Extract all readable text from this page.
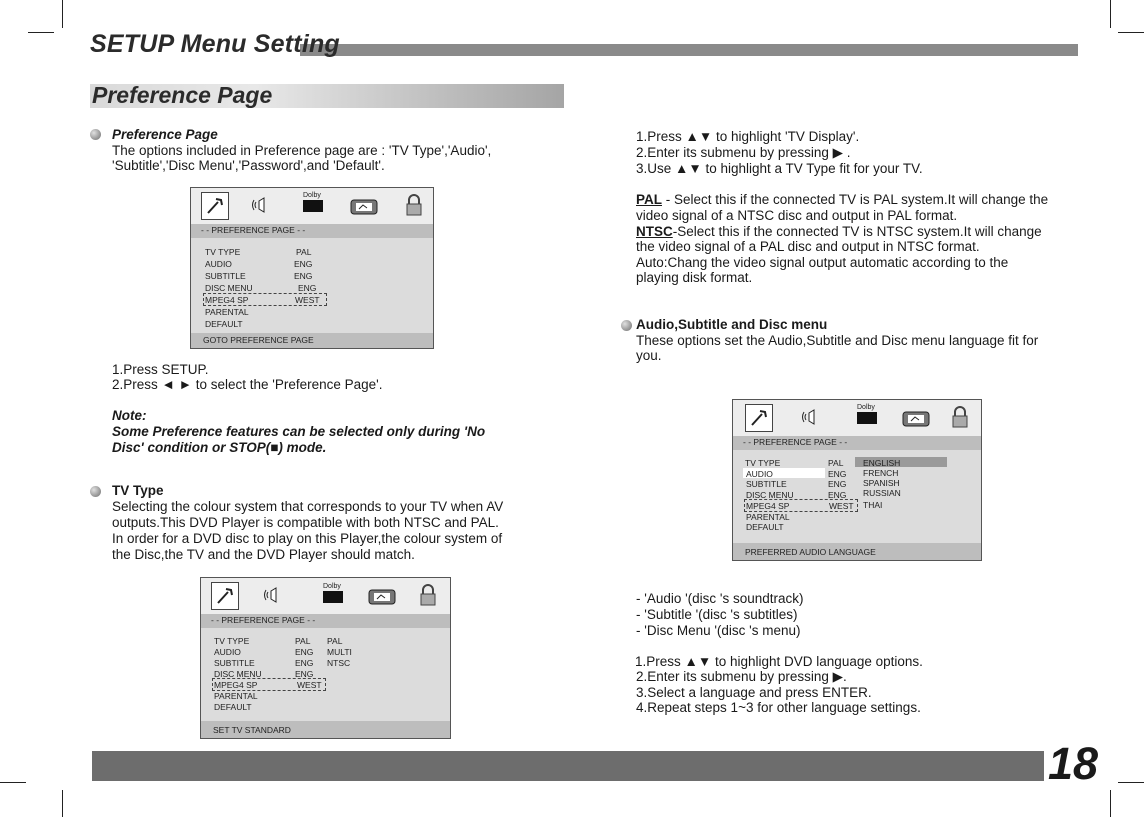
SETUP Menu Setting
Preference Page
Preference Page
The options included in Preference page are : 'TV Type','Audio',
'Subtitle','Disc Menu','Password',and 'Default'.
Dolby
- - PREFERENCE PAGE - -
TV TYPE	PAL
AUDIO	ENG
SUBTITLE	ENG
DISC MENU	ENG
MPEG4 SP	WEST
PARENTAL
DEFAULT
GOTO PREFERENCE PAGE
1.Press SETUP.
2.Press ◄ ► to select the 'Preference Page'.
Note:
Some Preference features can be selected only during 'No
Disc' condition or STOP(■) mode.
TV Type
Selecting the colour system that corresponds to your TV when AV
outputs.This DVD Player is compatible with both NTSC and PAL.
In order for a DVD disc to play on this Player,the colour system of
the Disc,the TV and the DVD Player should match.
Dolby
- - PREFERENCE PAGE - -
TV TYPE	PAL PAL
AUDIO	ENG MULTI
SUBTITLE	ENG NTSC
DISC MENU	ENG
MPEG4 SP	WEST
PARENTAL
DEFAULT
SET TV STANDARD
1.Press ▲▼ to highlight 'TV Display'.
2.Enter its submenu by pressing ▶ .
3.Use ▲▼ to highlight a TV Type fit for your TV.
PAL - Select this if the connected TV is PAL system.It will change the
video signal of a NTSC disc and output in PAL format.
NTSC-Select this if the connected TV is NTSC system.It will change
the video signal of a PAL disc and output in NTSC format.
Auto:Chang the video signal output automatic according to the
playing disk format.
Audio,Subtitle and Disc menu
These options set the Audio,Subtitle and Disc menu language fit for
you.
Dolby
- - PREFERENCE PAGE - -
TV TYPE	PAL
AUDIO	ENG
SUBTITLE	ENG
DISC MENU	ENG
MPEG4 SP	WEST
PARENTAL
DEFAULT
ENGLISH
FRENCH
SPANISH
RUSSIAN
THAI
PREFERRED AUDIO LANGUAGE
- 'Audio '(disc 's soundtrack)
- 'Subtitle '(disc 's subtitles)
- 'Disc Menu '(disc 's menu)
1.Press ▲▼ to highlight DVD language options.
2.Enter its submenu by pressing ▶.
3.Select a language and press ENTER.
4.Repeat steps 1~3 for other language settings.
18
